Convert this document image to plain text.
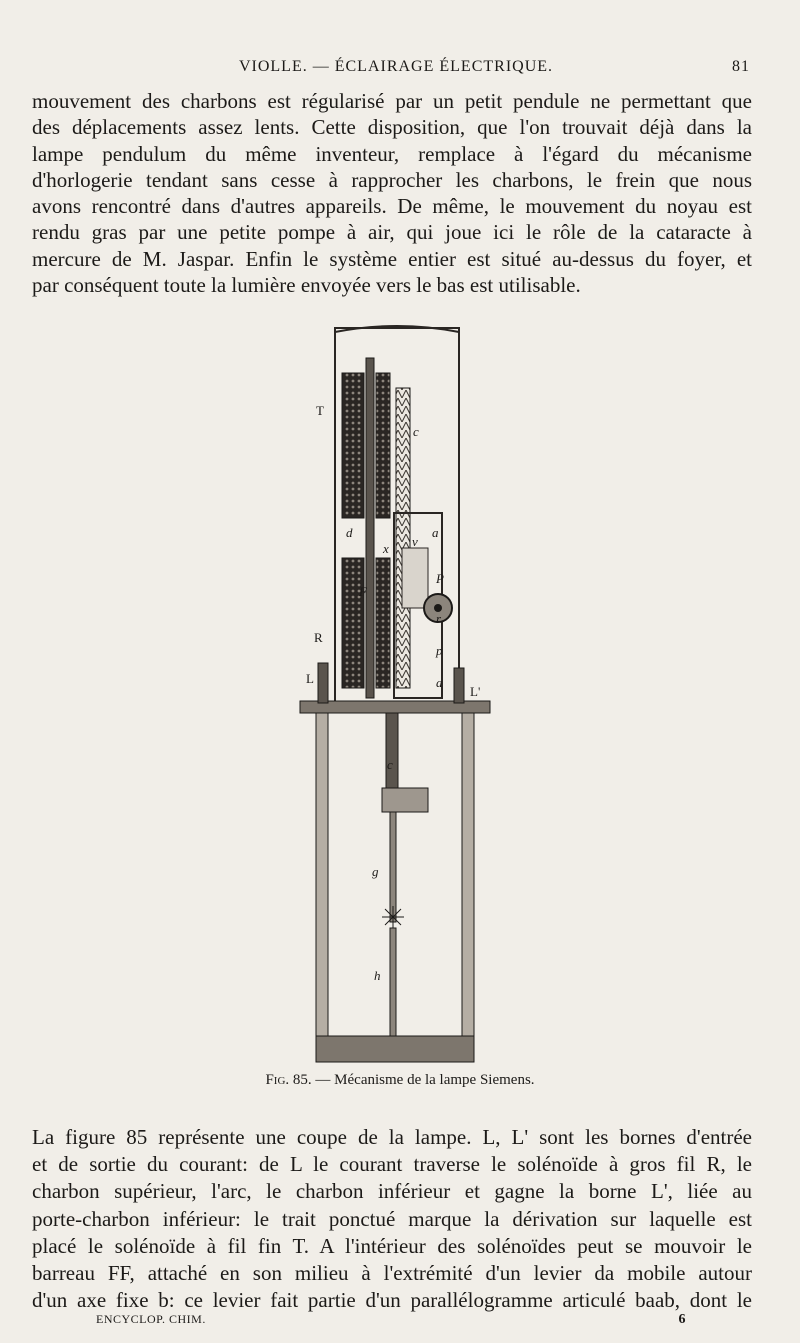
VIOLLE. — ÉCLAIRAGE ÉLECTRIQUE.	81

mouvement des charbons est régularisé par un petit pendule ne permettant que
des déplacements assez lents. Cette disposition, que l'on trouvait déjà dans la
lampe pendulum du même inventeur, remplace à l'égard du mécanisme
d'horlogerie tendant sans cesse à rapprocher les charbons, le frein que nous
avons rencontré dans d'autres appareils. De même, le mouvement du noyau est
rendu gras par une petite pompe à air, qui joue ici le rôle de la cataracte à
mercure de M. Jaspar. Enfin le système entier est situé au-dessus du foyer, et
par conséquent toute la lumière envoyée vers le bas est utilisable.

T
c
d
x v
a
P
F
r
R
p
L
L'
a
c
g
h
Fig. 85. — Mécanisme de la lampe Siemens.

La figure 85 représente une coupe de la lampe. L, L' sont les bornes d'entrée
et de sortie du courant: de L le courant traverse le solénoïde à gros fil R, le
charbon supérieur, l'arc, le charbon inférieur et gagne la borne L', liée au
porte-charbon inférieur: le trait ponctué marque la dérivation sur laquelle est
placé le solénoïde à fil fin T. A l'intérieur des solénoïdes peut se mouvoir le
barreau FF, attaché en son milieu à l'extrémité d'un levier da mobile autour
d'un axe fixe b: ce levier fait partie d'un parallélogramme articulé baab, dont le

ENCYCLOP. CHIM.	6
